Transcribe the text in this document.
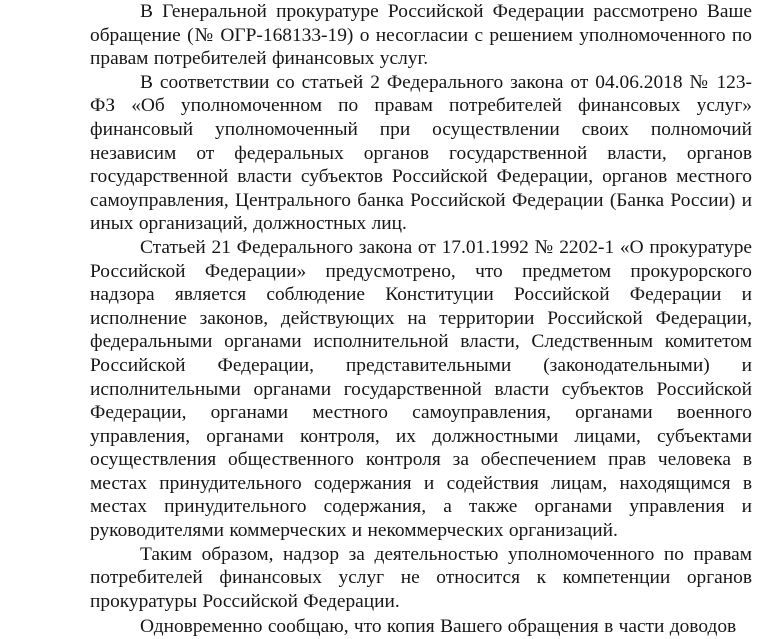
В Генеральной прокуратуре Российской Федерации рассмотрено Ваше обращение (№ ОГР-168133-19) о несогласии с решением уполномоченного по правам потребителей финансовых услуг.

В соответствии со статьей 2 Федерального закона от 04.06.2018 № 123-ФЗ «Об уполномоченном по правам потребителей финансовых услуг» финансовый уполномоченный при осуществлении своих полномочий независим от федеральных органов государственной власти, органов государственной власти субъектов Российской Федерации, органов местного самоуправления, Центрального банка Российской Федерации (Банка России) и иных организаций, должностных лиц.

Статьей 21 Федерального закона от 17.01.1992 № 2202-1 «О прокуратуре Российской Федерации» предусмотрено, что предметом прокурорского надзора является соблюдение Конституции Российской Федерации и исполнение законов, действующих на территории Российской Федерации, федеральными органами исполнительной власти, Следственным комитетом Российской Федерации, представительными (законодательными) и исполнительными органами государственной власти субъектов Российской Федерации, органами местного самоуправления, органами военного управления, органами контроля, их должностными лицами, субъектами осуществления общественного контроля за обеспечением прав человека в местах принудительного содержания и содействия лицам, находящимся в местах принудительного содержания, а также органами управления и руководителями коммерческих и некоммерческих организаций.

Таким образом, надзор за деятельностью уполномоченного по правам потребителей финансовых услуг не относится к компетенции органов прокуратуры Российской Федерации.

Одновременно сообщаю, что копия Вашего обращения в части доводов
